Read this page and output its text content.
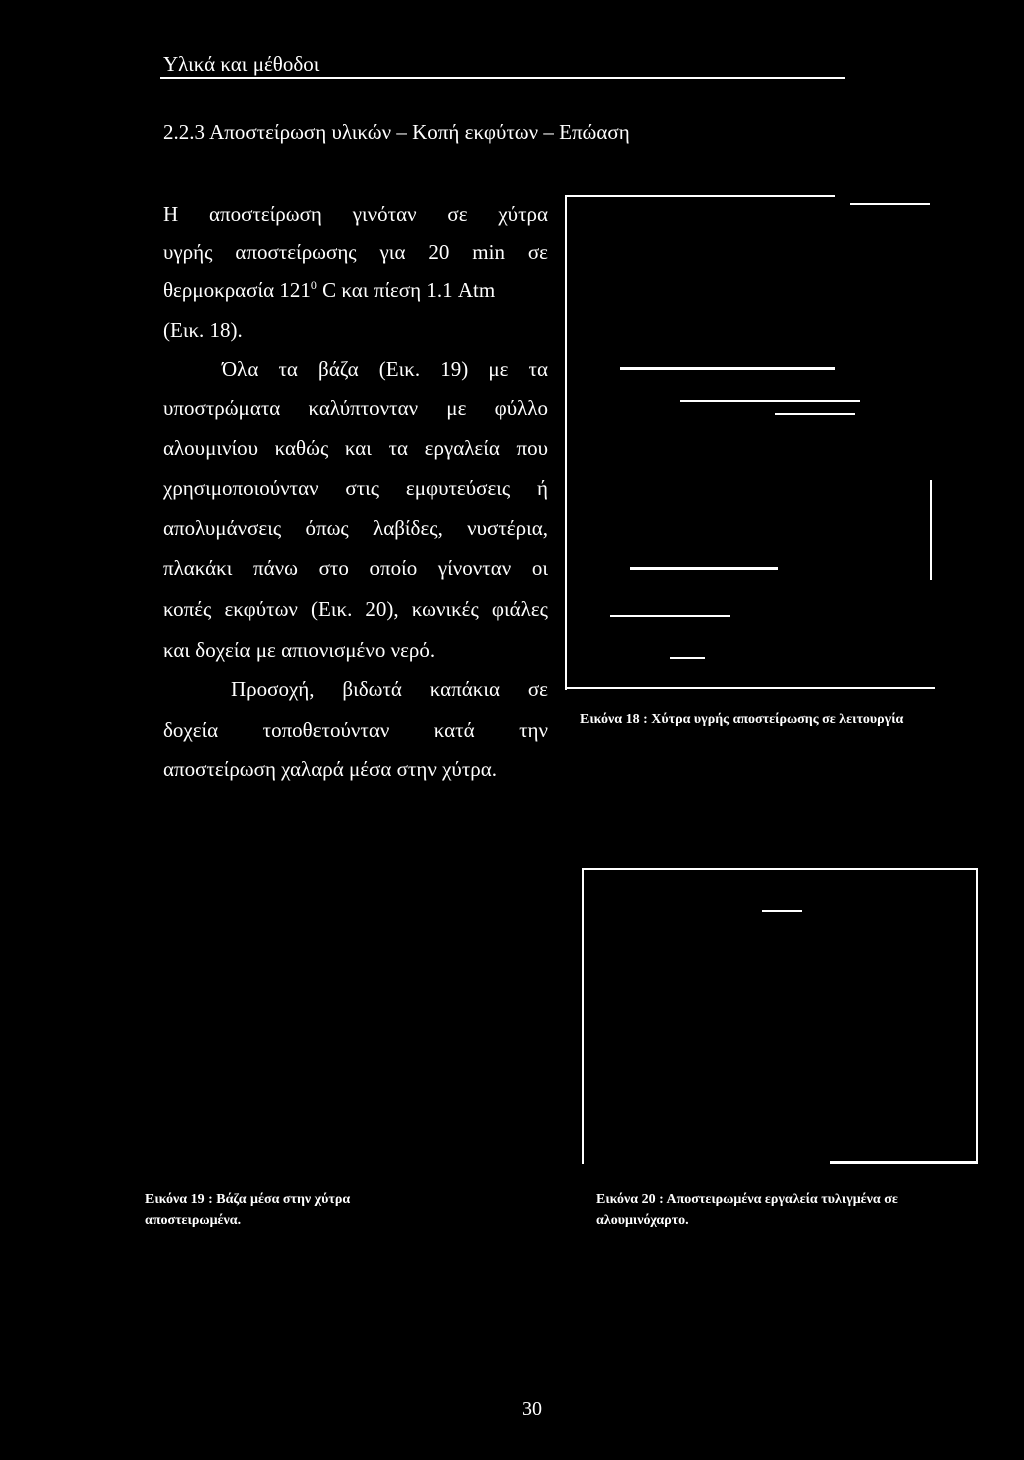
Υλικά και μέθοδοι
2.2.3 Αποστείρωση υλικών – Κοπή εκφύτων – Επώαση
Η αποστείρωση γινόταν σε χύτρα
υγρής αποστείρωσης για 20 min σε
θερμοκρασία $121^0$ C και πίεση 1.1 Atm
(Εικ. 18).
Όλα τα βάζα (Εικ. 19) με τα
υποστρώματα καλύπτονταν με φύλλο
αλουμινίου καθώς και τα εργαλεία που
χρησιμοποιούνταν στις εμφυτεύσεις ή
απολυμάνσεις όπως λαβίδες, νυστέρια,
πλακάκι πάνω στο οποίο γίνονταν οι
κοπές εκφύτων (Εικ. 20), κωνικές φιάλες
και δοχεία με απιονισμένο νερό.
Προσοχή, βιδωτά καπάκια σε
δοχεία τοποθετούνταν κατά την
αποστείρωση χαλαρά μέσα στην χύτρα.
Εικόνα 18 : Χύτρα υγρής αποστείρωσης σε λειτουργία
Εικόνα 19 : Βάζα μέσα στην χύτρα
αποστειρωμένα.
Εικόνα 20 : Αποστειρωμένα εργαλεία τυλιγμένα σε
αλουμινόχαρτο.
30
